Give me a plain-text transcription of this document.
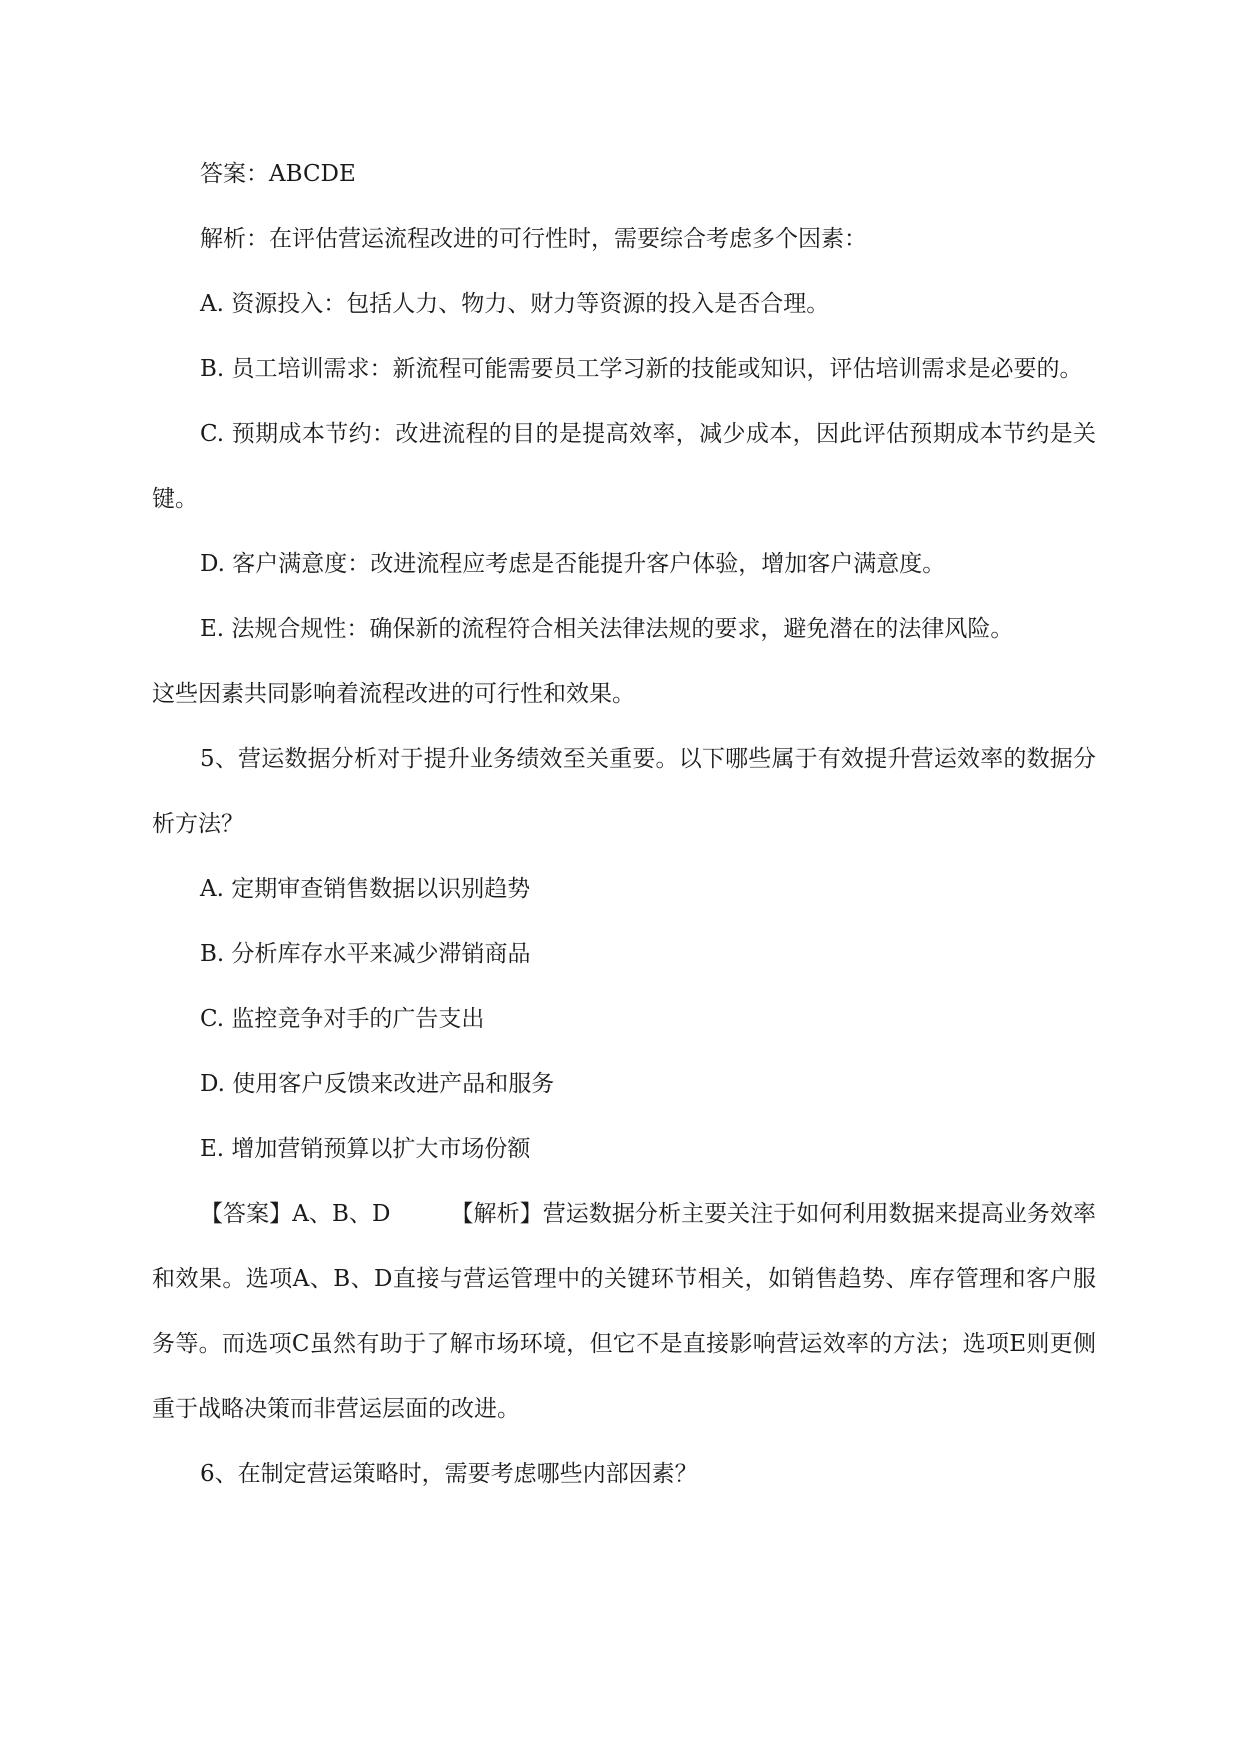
答案：ABCDE

解析：在评估营运流程改进的可行性时，需要综合考虑多个因素：

A. 资源投入：包括人力、物力、财力等资源的投入是否合理。

B. 员工培训需求：新流程可能需要员工学习新的技能或知识，评估培训需求是必要的。

C. 预期成本节约：改进流程的目的是提高效率，减少成本，因此评估预期成本节约是关键。

D. 客户满意度：改进流程应考虑是否能提升客户体验，增加客户满意度。

E. 法规合规性：确保新的流程符合相关法律法规的要求，避免潜在的法律风险。

这些因素共同影响着流程改进的可行性和效果。

5、营运数据分析对于提升业务绩效至关重要。以下哪些属于有效提升营运效率的数据分析方法？

A. 定期审查销售数据以识别趋势

B. 分析库存水平来减少滞销商品

C. 监控竞争对手的广告支出

D. 使用客户反馈来改进产品和服务

E. 增加营销预算以扩大市场份额

【答案】A、B、D	【解析】营运数据分析主要关注于如何利用数据来提高业务效率和效果。选项A、B、D直接与营运管理中的关键环节相关，如销售趋势、库存管理和客户服务等。而选项C虽然有助于了解市场环境，但它不是直接影响营运效率的方法；选项E则更侧重于战略决策而非营运层面的改进。

6、在制定营运策略时，需要考虑哪些内部因素？
